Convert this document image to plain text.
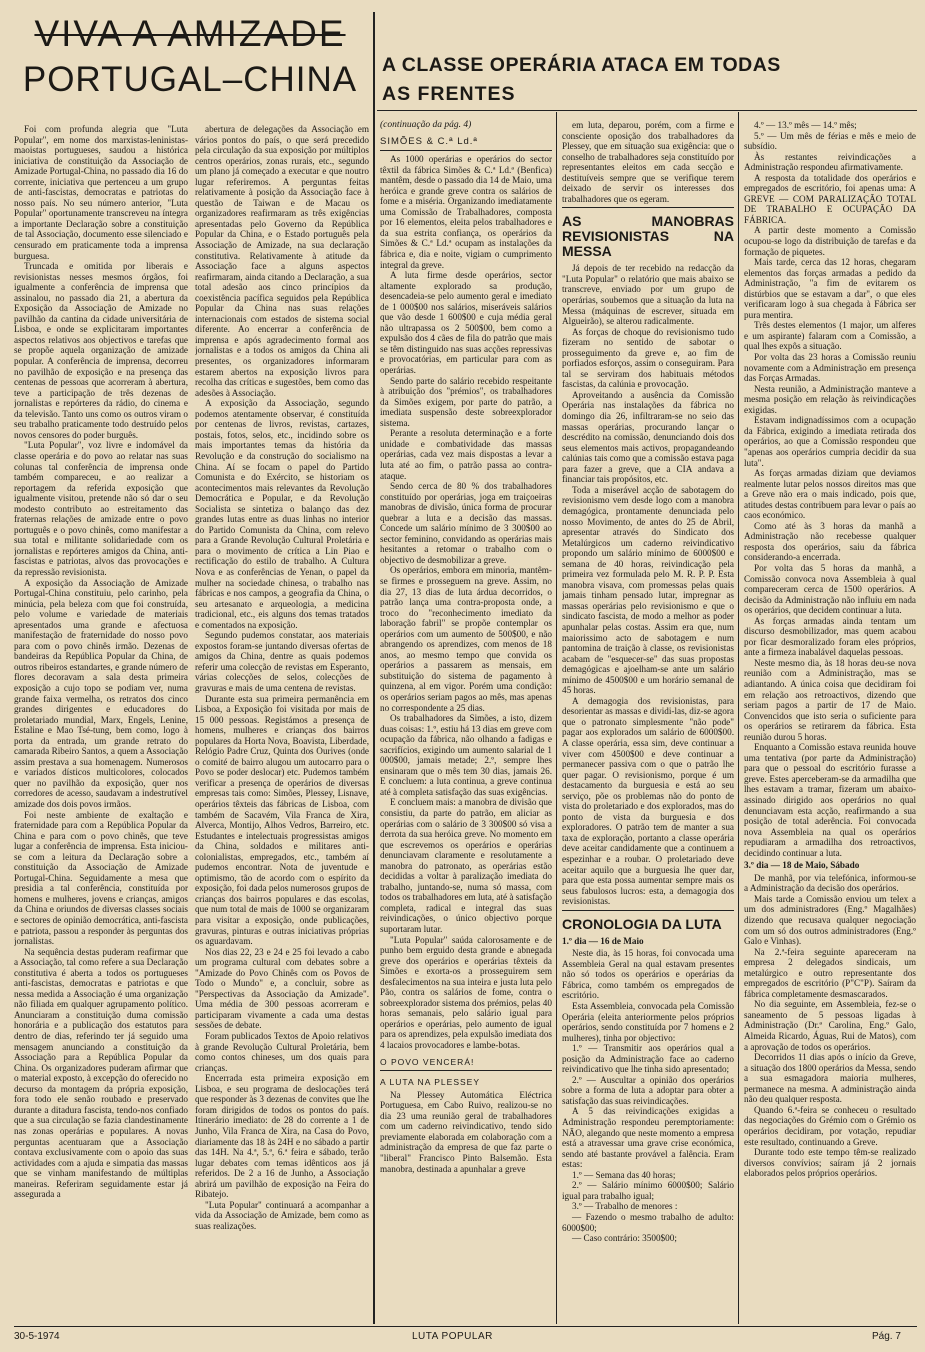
VIVA A AMIZADE
PORTUGAL–CHINA	A CLASSE OPERÁRIA ATACA EM TODAS
AS FRENTES

Foi com profunda alegria que "Luta Popular", em nome dos marxistas-leninistas-maoistas portugueses, saudou a histórica iniciativa de constituição da Associação de Amizade Portugal-China, no passado dia 16 do corrente, iniciativa que pertenceu a um grupo de anti-fascistas, democratas e patriotas do nosso país. No seu número anterior, "Luta Popular" oportunamente transcreveu na íntegra a importante Declaração sobre a constituição de tal Associação, documento esse silenciado e censurado em praticamente toda a imprensa burguesa.

Truncada e omitida por liberais e revisionistas nesses mesmos órgãos, foi igualmente a conferência de imprensa que assinalou, no passado dia 21, a abertura da Exposição da Associação de Amizade no pavilhão da cantina da cidade universitária de Lisboa, e onde se explicitaram importantes aspectos relativos aos objectivos e tarefas que se propõe aquela organização de amizade popular. A conferência de imprensa, decorreu no pavilhão de exposição e na presença das centenas de pessoas que acorreram à abertura, teve a participação de três dezenas de jornalistas e repórteres da rádio, do cinema e da televisão. Tanto uns como os outros viram o seu trabalho praticamente todo destruído pelos novos censores do poder burguês.

"Luta Popular", voz livre e indomável da classe operária e do povo ao relatar nas suas colunas tal conferência de imprensa onde também compareceu, e ao realizar a reportagem da referida exposição que igualmente visitou, pretende não só dar o seu modesto contributo ao estreitamento das fraternas relações de amizade entre o povo português e o povo chinês, como manifestar a sua total e militante solidariedade com os jornalistas e repórteres amigos da China, anti-fascistas e patriotas, alvos das provocações e da repressão revisionista.

A exposição da Associação de Amizade Portugal-China constituiu, pelo carinho, pela minúcia, pela beleza com que foi construída, pelo volume e variedade de materiais apresentados uma grande e afectuosa manifestação de fraternidade do nosso povo para com o povo chinês irmão. Dezenas de bandeiras da República Popular da China, de outros ribeiros estandartes, e grande número de flores decoravam a sala desta primeira exposição a cujo topo se podiam ver, numa grande faixa vermelha, os retratos dos cinco grandes dirigentes e educadores do proletariado mundial, Marx, Engels, Lenine, Estaline e Mao Tsé-tung, bem como, logo à porta da entrada, um grande retrato do camarada Ribeiro Santos, a quem a Associação assim prestava a sua homenagem. Numerosos e variados dísticos multicolores, colocados quer no pavilhão da exposição, quer nos corredores de acesso, saudavam a indestrutível amizade dos dois povos irmãos.

Foi neste ambiente de exaltação e fraternidade para com a República Popular da China e para com o povo chinês, que teve lugar a conferência de imprensa. Esta iniciou-se com a leitura da Declaração sobre a constituição da Associação de Amizade Portugal-China. Seguidamente a mesa que presidia a tal conferência, constituída por homens e mulheres, jovens e crianças, amigos da China e oriundos de diversas classes sociais e sectores de opinião democrática, anti-fascista e patriota, passou a responder às perguntas dos jornalistas.

Na sequência destas puderam reafirmar que a Associação, tal como refere a sua Declaração constitutiva é aberta a todos os portugueses anti-fascistas, democratas e patriotas e que nessa medida a Associação é uma organização não filiada em qualquer agrupamento político. Anunciaram a constituição duma comissão honorária e a publicação dos estatutos para dentro de dias, referindo ter já seguido uma mensagem anunciando a constituição da Associação para a República Popular da China. Os organizadores puderam afirmar que o material exposto, à excepção do oferecido no decurso da montagem da própria exposição, fora todo ele senão roubado e preservado durante a ditadura fascista, tendo-nos confiado que a sua circulação se fazia clandestinamente nas zonas operárias e populares. A novas perguntas acentuaram que a Associação contava exclusivamente com o apoio das suas actividades com a ajuda e simpatia das massas que se vinham manifestando de múltiplas maneiras. Referiram seguidamente estar já assegurada a

abertura de delegações da Associação em vários pontos do país, o que será precedido pela circulação da sua exposição por múltiplos centros operários, zonas rurais, etc., segundo um plano já começado a executar e que noutro lugar referiremos. A perguntas feitas relativamente à posição da Associação face à questão de Taiwan e de Macau os organizadores reafirmaram as três exigências apresentadas pelo Governo da República Popular da China, e o Estado português pela Associação de Amizade, na sua declaração constitutiva. Relativamente à atitude da Associação face a alguns aspectos reafirmaram, ainda citando a Declaração, a sua total adesão aos cinco princípios da coexistência pacífica seguidos pela República Popular da China nas suas relações internacionais com estados de sistema social diferente. Ao encerrar a conferência de imprensa e após agradecimento formal aos jornalistas e a todos os amigos da China ali presentes, os organizadores informaram estarem abertos na exposição livros para recolha das críticas e sugestões, bem como das adesões à Associação.

A exposição da Associação, segundo podemos atentamente observar, é constituída por centenas de livros, revistas, cartazes, postais, fotos, selos, etc., incidindo sobre os mais importantes temas da história da Revolução e da construção do socialismo na China. Aí se focam o papel do Partido Comunista e do Exército, se historiam os acontecimentos mais relevantes da Revolução Democrática e Popular, e da Revolução Socialista se sintetiza o balanço das dez grandes lutas entre as duas linhas no interior do Partido Comunista da China, com relevo para a Grande Revolução Cultural Proletária e para o movimento de crítica a Lin Piao e rectificação do estilo de trabalho. A Cultura Nova e as conferências de Yenan, o papel da mulher na sociedade chinesa, o trabalho nas fábricas e nos campos, a geografia da China, o seu artesanato e arqueologia, a medicina tradicional, etc., eis alguns dos temas tratados e comentados na exposição.

Segundo pudemos constatar, aos materiais expostos foram-se juntando diversas ofertas de amigos da China, dentre as quais podemos referir uma colecção de revistas em Esperanto, várias colecções de selos, colecções de gravuras e mais de uma centena de revistas.

Durante esta sua primeira permanência em Lisboa, a Exposição foi visitada por mais de 15 000 pessoas. Registámos a presença de homens, mulheres e crianças dos bairros populares da Horta Nova, Boavista, Liberdade, Relógio Padre Cruz, Quinta dos Ourives (onde o comité de bairro alugou um autocarro para o Povo se poder deslocar) etc. Pudemos também verificar a presença de operários de diversas empresas tais como: Simões, Plessey, Lisnave, operários têxteis das fábricas de Lisboa, com também de Sacavém, Vila Franca de Xira, Alverca, Montijo, Alhos Vedros, Barreiro, etc. Estudantes e intelectuais progressistas amigos da China, soldados e militares anti-colonialistas, empregados, etc., também aí pudemos encontrar. Nota de juventude e optimismo, tão de acordo com o espírito da exposição, foi dada pelos numerosos grupos de crianças dos bairros populares e das escolas, que num total de mais de 1000 se organizaram para visitar a exposição, onde publicações, gravuras, pinturas e outras iniciativas próprias os aguardavam.

Nos dias 22, 23 e 24 e 25 foi levado a cabo um programa cultural com debates sobre a "Amizade do Povo Chinês com os Povos de Todo o Mundo" e, a concluir, sobre as "Perspectivas da Associação da Amizade". Uma média de 300 pessoas acorreram e participaram vivamente a cada uma destas sessões de debate.

Foram publicados Textos de Apoio relativos à grande Revolução Cultural Proletária, bem como contos chineses, um dos quais para crianças.

Encerrada esta primeira exposição em Lisboa, e seu programa de deslocações terá que responder às 3 dezenas de convites que lhe foram dirigidos de todos os pontos do país. Itinerário imediato: de 28 do corrente a 1 de Junho, Vila Franca de Xira, na Casa do Povo, diariamente das 18 às 24H e no sábado a partir das 14H. Na 4.ª, 5.ª, 6.ª feira e sábado, terão lugar debates com temas idênticos aos já referidos. De 2 a 16 de Junho, a Associação abrirá um pavilhão de exposição na Feira do Ribatejo.

"Luta Popular" continuará a acompanhar a vida da Associação de Amizade, bem como as suas realizações.

(continuação da pág. 4)
SIMÕES & C.ª Ld.ª

As 1000 operárias e operários do sector têxtil da fábrica Simões & C.ª Ld.ª (Benfica) mantêm, desde o passado dia 14 de Maio, uma heróica e grande greve contra os salários de fome e a miséria. Organizando imediatamente uma Comissão de Trabalhadores, composta por 16 elementos, eleita pelos trabalhadores e da sua estrita confiança, os operários da Simões & C.ª Ld.ª ocupam as instalações da fábrica e, dia e noite, vigiam o cumprimento integral da greve.

A luta firme desde operários, sector altamente explorado sa produção, desencadeia-se pelo aumento geral e imediato de 1 000$00 nos salários, miseráveis salários que vão desde 1 600$00 e cuja média geral não ultrapassa os 2 500$00, bem como a expulsão dos 4 cães de fila do patrão que mais se têm distinguido nas suas acções repressivas e provocatórias, em particular para com as operárias.

Sendo parte do salário recebido respeitante à atribuição dos "prémios", os trabalhadores da Simões exigem, por parte do patrão, a imediata suspensão deste sobreexplorador sistema.

Perante a resoluta determinação e a forte unidade e combatividade das massas operárias, cada vez mais dispostas a levar a luta até ao fim, o patrão passa ao contra-ataque.

Sendo cerca de 80 % dos trabalhadores constituído por operárias, joga em traiçoeiras manobras de divisão, única forma de procurar quebrar a luta e a decisão das massas. Concede um salário mínimo de 3 300$00 ao sector feminino, convidando as operárias mais hesitantes a retomar o trabalho com o objectivo de desmobilizar a greve.

Os operários, embora em minoria, mantêm-se firmes e prosseguem na greve. Assim, no dia 27, 13 dias de luta árdua decorridos, o patrão lança uma contra-proposta onde, a troco do "reconhecimento imediato da laboração fabril" se propõe contemplar os operários com um aumento de 500$00, e não abrangendo os aprendizes, com menos de 18 anos, ao mesmo tempo que convida os operários a passarem as mensais, em substituição do sistema de pagamento à quinzena, al em vigor. Porém uma condição: os operários seriam pagos ao mês, mas apenas no correspondente a 25 dias.

Os trabalhadores da Simões, a isto, dizem duas coisas: 1.º, estiu há 13 dias em greve com ocupação da fábrica, não olhando a fadigas e sacrifícios, exigindo um aumento salarial de 1 000$00, jamais metade; 2.º, sempre lhes ensinaram que o mês tem 30 dias, jamais 26. E concluem: a luta continua, a greve continua até à completa satisfação das suas exigências.

E concluem mais: a manobra de divisão que consistiu, da parte do patrão, em aliciar as operárias com o salário de 3 300$00 só visa a derrota da sua heróica greve. No momento em que escrevemos os operários e operárias denunciavam claramente e resolutamente a manobra do patronato, as operárias estão decididas a voltar à paralização imediata do trabalho, juntando-se, numa só massa, com todos os trabalhadores em luta, até à satisfação completa, radical e integral das suas reivindicações, o único objectivo porque suportaram lutar.

"Luta Popular" saúda calorosamente e de punho bem erguido desta grande e abnegada greve dos operários e operárias têxteis da Simões e exorta-os a prosseguirem sem desfalecimentos na sua inteira e justa luta pelo Pão, contra os salários de fome, contra o sobreexplorador sistema dos prémios, pelas 40 horas semanais, pelo salário igual para operários e operárias, pelo aumento de igual para os aprendizes, pela expulsão imediata dos 4 lacaios provocadores e lambe-botas.

O POVO VENCERÁ!
A LUTA NA PLESSEY

Na Plessey Automática Eléctrica Portuguesa, em Cabo Ruivo, realizou-se no dia 23 uma reunião geral de trabalhadores com um caderno reivindicativo, tendo sido previamente elaborada em colaboração com a administração da empresa de que faz parte o "liberal" Francisco Pinto Balsemão. Esta manobra, destinada a apunhalar a greve

em luta, deparou, porém, com a firme e consciente oposição dos trabalhadores da Plessey, que em situação sua exigência: que o conselho de trabalhadores seja constituído por representantes eleitos em cada secção e destituíveis sempre que se verifique terem deixado de servir os interesses dos trabalhadores que os egeram.

AS MANOBRAS REVISIONISTAS NA MESSA

Já depois de ter recebido na redacção da "Luta Popular" o relatório que mais abaixo se transcreve, enviado por um grupo de operárias, soubemos que a situação da luta na Messa (máquinas de escrever, situada em Algueirão), se alterou radicalmente.

As forças de choque do revisionismo tudo fizeram no sentido de sabotar o prosseguimento da greve e, ao fim de porfiados esforços, assim o conseguiram. Para tal se serviram dos habituais métodos fascistas, da calúnia e provocação.

Aproveitando a ausência da Comissão Operária nas instalações da fábrica no domingo dia 26, infiltraram-se no seio das massas operárias, procurando lançar o descrédito na comissão, denunciando dois dos seus elementos mais activos, propagandeando calúnias tais como que a comissão estava paga para fazer a greve, que a CIA andava a financiar tais propósitos, etc.

Toda a miserável acção de sabotagem do revisionismo vem desde logo com a manobra demagógica, prontamente denunciada pelo nosso Movimento, de antes do 25 de Abril, apresentar através do Sindicato dos Metalúrgicos um caderno reivindicativo propondo um salário mínimo de 6000$00 e semana de 40 horas, reivindicação pela primeira vez formulada pelo M. R. P. P. Esta manobra visava, com promessas pelas quais jamais tinham pensado lutar, impregnar as massas operárias pelo revisionismo e que o sindicato fascista, de modo a melhor as poder apunhalar pelas costas. Assim era que, num maiorissimo acto de sabotagem e num pantomina de traição à classe, os revisionistas acabam de "esquecer-se" das suas propostas demagógicas e ajoelham-se ante um salário mínimo de 4500$00 e um horário semanal de 45 horas.

A demagogia dos revisionistas, para desorientar as massas e dividi-las, diz-se agora que o patronato simplesmente "não pode" pagar aos explorados um salário de 6000$00. A classe operária, essa sim, deve continuar a viver com 4500$00 e deve continuar a permanecer passiva com o que o patrão lhe quer pagar. O revisionismo, porque é um destacamento da burguesia e está ao seu serviço, põe os problemas não do ponto de vista do proletariado e dos explorados, mas do ponto de vista da burguesia e dos exploradores. O patrão tem de manter a sua taxa de exploração, portanto a classe operária deve aceitar candidamente que a continuem a espezinhar e a roubar. O proletariado deve aceitar aquilo que a burguesia lhe quer dar, para que esta possa aumentar sempre mais os seus fabulosos lucros: esta, a demagogia dos revisionistas.

CRONOLOGIA DA LUTA
1.º dia — 16 de Maio

Neste dia, às 15 horas, foi convocada uma Assembleia Geral na qual estavam presentes não só todos os operários e operárias da Fábrica, como também os empregados de escritório.

Esta Assembleia, convocada pela Comissão Operária (eleita anteriormente pelos próprios operários, sendo constituída por 7 homens e 2 mulheres), tinha por objectivo:

1.º — Transmitir aos operários qual a posição da Administração face ao caderno reivindicativo que lhe tinha sido apresentado;

2.º — Auscultar a opinião dos operários sobre a forma de luta a adoptar para obter a satisfação das suas reivindicações.

A 5 das reivindicações exigidas a Administração respondeu peremptoriamente: NÃO, alegando que neste momento a empresa está a atravessar uma grave crise económica, sendo até bastante provável a falência. Eram estas:

1.º — Semana das 40 horas;

2.º — Salário mínimo 6000$00; Salário igual para trabalho igual;

3.º — Trabalho de menores :

— Fazendo o mesmo trabalho de adulto: 6000$00;

— Caso contrário: 3500$00;

4.º — 13.º mês — 14.º mês;

5.º — Um mês de férias e mês e meio de subsídio.

Às restantes reivindicações a Administração respondeu afirmativamente.

A resposta da totalidade dos operários e empregados de escritório, foi apenas uma: A GREVE — COM PARALIZAÇÃO TOTAL DE TRABALHO E OCUPAÇÃO DA FÁBRICA.

A partir deste momento a Comissão ocupou-se logo da distribuição de tarefas e da formação de piquetes.

Mais tarde, cerca das 12 horas, chegaram elementos das forças armadas a pedido da Administração, "a fim de evitarem os distúrbios que se estavam a dar", o que eles verificaram logo à sua chegada à Fábrica ser pura mentira.

Três destes elementos (1 major, um alferes e um aspirante) falaram com a Comissão, a qual lhes expôs a situação.

Por volta das 23 horas a Comissão reuniu novamente com a Administração em presença das Forças Armadas.

Nesta reunião, a Administração manteve a mesma posição em relação às reivindicações exigidas.

Estavam indignadíssimos com a ocupação da Fábrica, exigindo a imediata retirada dos operários, ao que a Comissão respondeu que "apenas aos operários cumpria decidir da sua luta".

As forças armadas diziam que deviamos realmente lutar pelos nossos direitos mas que a Greve não era o mais indicado, pois que, atitudes destas contribuem para levar o país ao caos económico.

Como até às 3 horas da manhã a Administração não recebesse qualquer resposta dos operários, saiu da fábrica considerando-a encerrada.

Por volta das 5 horas da manhã, a Comissão convoca nova Assembleia à qual compareceram cerca de 1500 operários. A decisão da Administração não influiu em nada os operários, que decidem continuar a luta.

As forças armadas ainda tentam um discurso desmobilizador, mas quem acabou por ficar desmoralizado foram eles próprios, ante a firmeza inabalável daquelas pessoas.

Neste mesmo dia, às 18 horas deu-se nova reunião com a Administração, mas se adiantando. A única coisa que decidiram foi em relação aos retroactivos, dizendo que seriam pagos a partir de 17 de Maio. Convencidos que isto seria o suficiente para os operários se retirarem da fábrica. Esta reunião durou 5 horas.

Enquanto a Comissão estava reunida houve uma tentativa (por parte da Administração) para que o pessoal do escritório furasse a greve. Estes aperceberam-se da armadilha que lhes estavam a tramar, fizeram um abaixo-assinado dirigido aos operários no qual denunciavam esta acção, reafirmando a sua posição de total aderência. Foi convocada nova Assembleia na qual os operários repudiaram a armadilha dos retroactivos, decidindo continuar a luta.

3.º dia — 18 de Maio, Sábado

De manhã, por via telefónica, informou-se a Administração da decisão dos operários.

Mais tarde a Comissão enviou um telex a um dos administradores (Eng.º Magalhães) dizendo que recusava qualquer negociação com um só dos outros administradores (Eng.º Galo e Vinhas).

Na 2.ª-feira seguinte apareceram na empresa 2 delegados sindicais, um metalúrgico e outro representante dos empregados de escritório (P"C"P). Saíram da fábrica completamente desmascarados.

No dia seguinte, em Assembleia, fez-se o saneamento de 5 pessoas ligadas à Administração (Dr.ª Carolina, Eng.º Galo, Almeida Ricardo, Águas, Rui de Matos), com a aprovação de todos os operários.

Decorridos 11 dias após o início da Greve, a situação dos 1800 operários da Messa, sendo a sua esmagadora maioria mulheres, permanece na mesma. A administração ainda não deu qualquer resposta.

Quando 6.ª-feira se conheceu o resultado das negociações do Grémio com o Grémio os operários decidiram, por votação, repudiar este resultado, continuando a Greve.

Durante todo este tempo têm-se realizado diversos convívios; saíram já 2 jornais elaborados pelos próprios operários.

30-5-1974	LUTA POPULAR	Pág. 7
